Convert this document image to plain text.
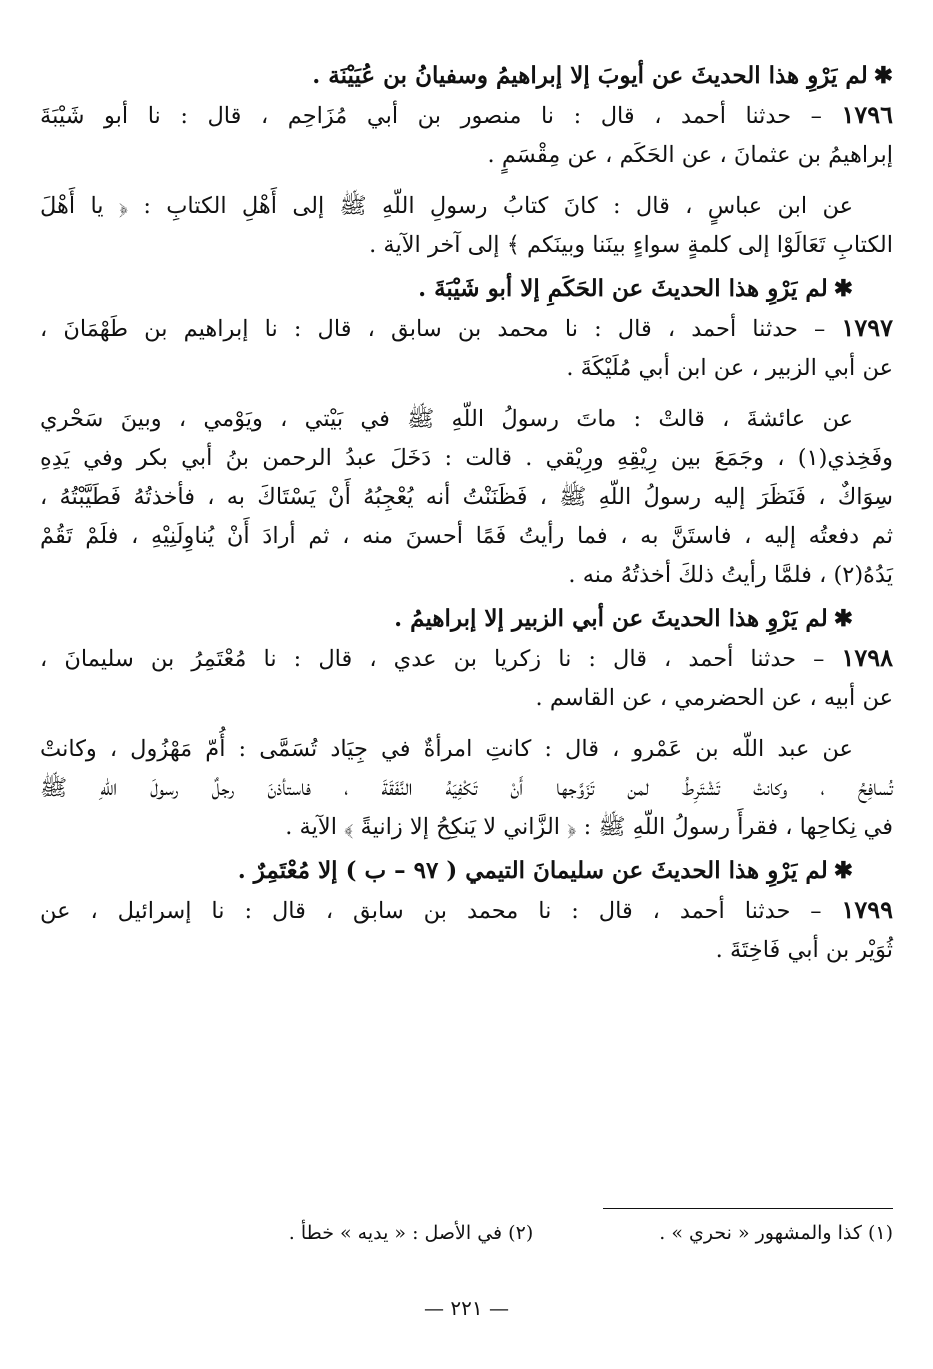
✱لم يَرْوِ هذا الحديثَ عن أيوبَ إلا إبراهيمُ وسفيانُ بن عُيَيْنَة .
١٧٩٦ – حدثنا أحمد ، قال : نا منصور بن أبي مُزَاحِم ، قال : نا أبو شَيْبَةَ
إبراهيمُ بن عثمانَ ، عن الحَكَم ، عن مِقْسَمٍ .
عن ابن عباسٍ ، قال : كانَ كتابُ رسولِ اللّهِ ﷺ إلى أَهْلِ الكتابِ : ﴿ يا أَهْلَ
الكتابِ تَعَالَوْا إلى كلمةٍ سواءٍ بينَنا وبينَكم ﴾ إلى آخر الآية .
✱لم يَرْوِ هذا الحديثَ عن الحَكَمِ إلا أبو شَيْبَةَ .
١٧٩٧ – حدثنا أحمد ، قال : نا محمد بن سابق ، قال : نا إبراهيم بن طَهْمَانَ ،
عن أبي الزبير ، عن ابن أبي مُلَيْكَةَ .
عن عائشةَ ، قالتْ : ماتَ رسولُ اللّهِ ﷺ في بَيْتي ، ويَوْمي ، وبينَ سَحْري
وفَخِذي(١) ، وجَمَعَ بين رِيْقِهِ ورِيْقي . قالت : دَخَلَ عبدُ الرحمن بنُ أبي بكر وفي يَدِهِ
سِوَاكٌ ، فَنَظَرَ إليه رسولُ اللّهِ ﷺ ، فَظَنَنْتُ أنه يُعْجِبُهُ أَنْ يَسْتَاكَ به ، فأخذتُهُ فَطَيَّبْتُهُ ،
ثم دفعتُه إليه ، فاستَنَّ به ، فما رأيتُ فَمًا أحسنَ منه ، ثم أرادَ أَنْ يُناوِلَنِيْهِ ، فلَمْ تَقُمْ
يَدُهُ(٢) ، فلمَّا رأيتُ ذلكَ أخذتُهُ منه .
✱لم يَرْوِ هذا الحديثَ عن أبي الزبير إلا إبراهيمُ .
١٧٩٨ – حدثنا أحمد ، قال : نا زكريا بن عدي ، قال : نا مُعْتَمِرُ بن سليمانَ ،
عن أبيه ، عن الحضرمي ، عن القاسم .
عن عبد اللّه بن عَمْرو ، قال : كانتِ امرأةٌ في جِيَاد تُسَمَّى : أُمّ مَهْزُول ، وكانتْ
تُسافِحُ ، وكانتْ تَشْتَرِطُ لمن تَزَوَّجها أَنْ تَكْفِيَهُ النَّفَقَةَ ، فاستأذنَ رجلٌ رسولَ اللّهِ ﷺ
في نِكاحِها ، فقرأَ رسولُ اللّهِ ﷺ : ﴿ الزَّاني لا يَنكِحُ إلا زانيةً ﴾ الآية .
✱لم يَرْوِ هذا الحديثَ عن سليمانَ التيمي ( ٩٧ – ب ) إلا مُعْتَمِرٌ .
١٧٩٩ – حدثنا أحمد ، قال : نا محمد بن سابق ، قال : نا إسرائيل ، عن
ثُوَيْر بن أبي فَاخِتَةَ .
(١) كذا والمشهور « نحري » . (٢) في الأصل : « يديه » خطأ .
— ٢٢١ —
